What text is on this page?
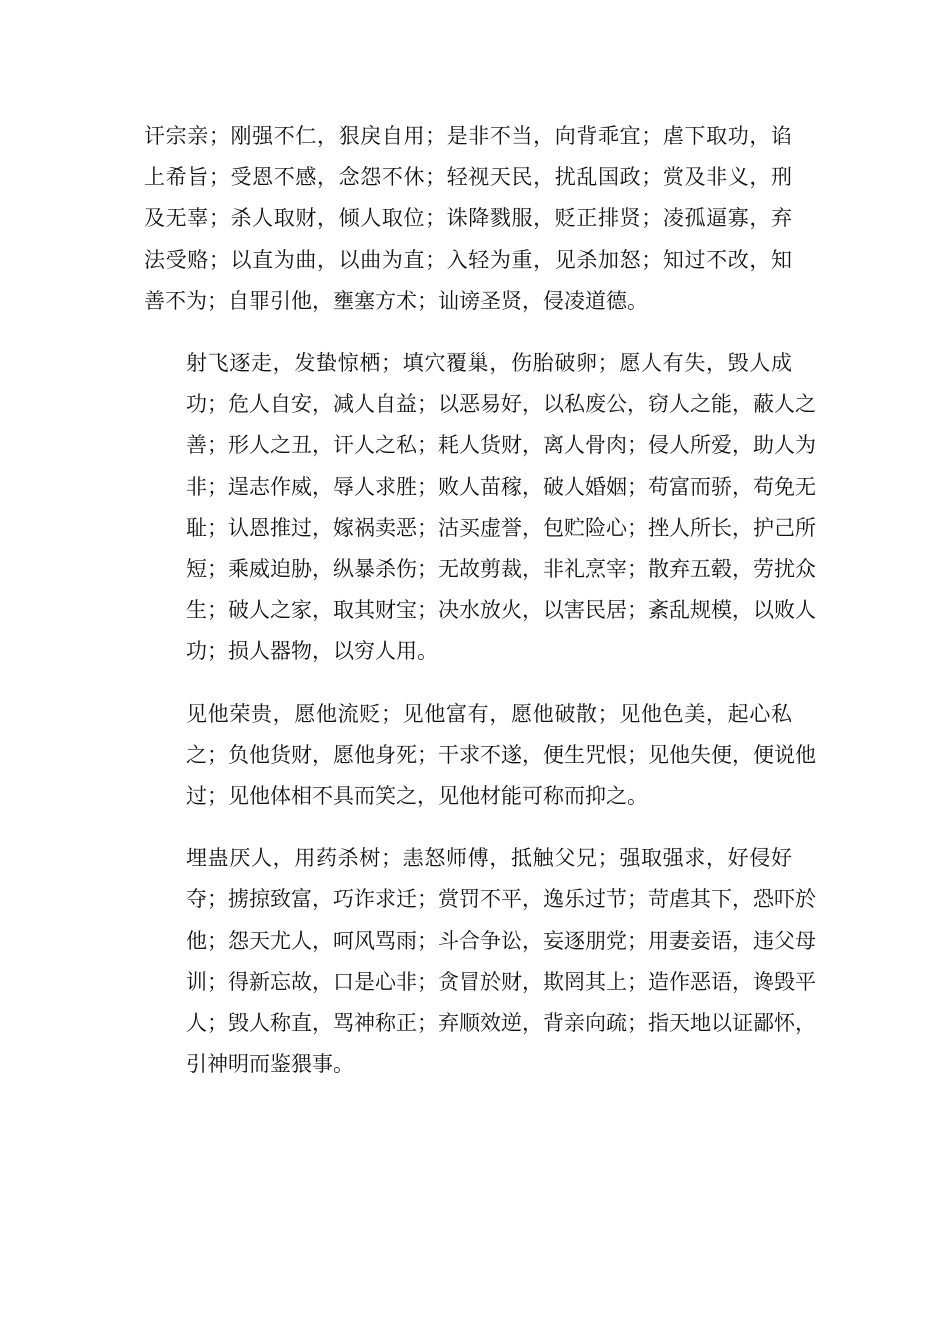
讦宗亲；刚强不仁，狠戾自用；是非不当，向背乖宜；虐下取功，谄
上希旨；受恩不感，念怨不休；轻视天民，扰乱国政；赏及非义，刑
及无辜；杀人取财，倾人取位；诛降戮服，贬正排贤；凌孤逼寡，弃
法受赂；以直为曲，以曲为直；入轻为重，见杀加怒；知过不改，知
善不为；自罪引他，壅塞方术；讪谤圣贤，侵凌道德。
射飞逐走，发蛰惊栖；填穴覆巢，伤胎破卵；愿人有失，毁人成
功；危人自安，减人自益；以恶易好，以私废公，窃人之能，蔽人之
善；形人之丑，讦人之私；耗人货财，离人骨肉；侵人所爱，助人为
非；逞志作威，辱人求胜；败人苗稼，破人婚姻；苟富而骄，苟免无
耻；认恩推过，嫁祸卖恶；沽买虚誉，包贮险心；挫人所长，护己所
短；乘威迫胁，纵暴杀伤；无故剪裁，非礼烹宰；散弃五毂，劳扰众
生；破人之家，取其财宝；决水放火，以害民居；紊乱规模，以败人
功；损人器物，以穷人用。
见他荣贵，愿他流贬；见他富有，愿他破散；见他色美，起心私
之；负他货财，愿他身死；干求不遂，便生咒恨；见他失便，便说他
过；见他体相不具而笑之，见他材能可称而抑之。
埋蛊厌人，用药杀树；恚怒师傅，抵触父兄；强取强求，好侵好
夺；掳掠致富，巧诈求迁；赏罚不平，逸乐过节；苛虐其下，恐吓於
他；怨天尤人，呵风骂雨；斗合争讼，妄逐朋党；用妻妾语，违父母
训；得新忘故，口是心非；贪冒於财，欺罔其上；造作恶语，谗毁平
人；毁人称直，骂神称正；弃顺效逆，背亲向疏；指天地以证鄙怀，
引神明而鉴猥事。
